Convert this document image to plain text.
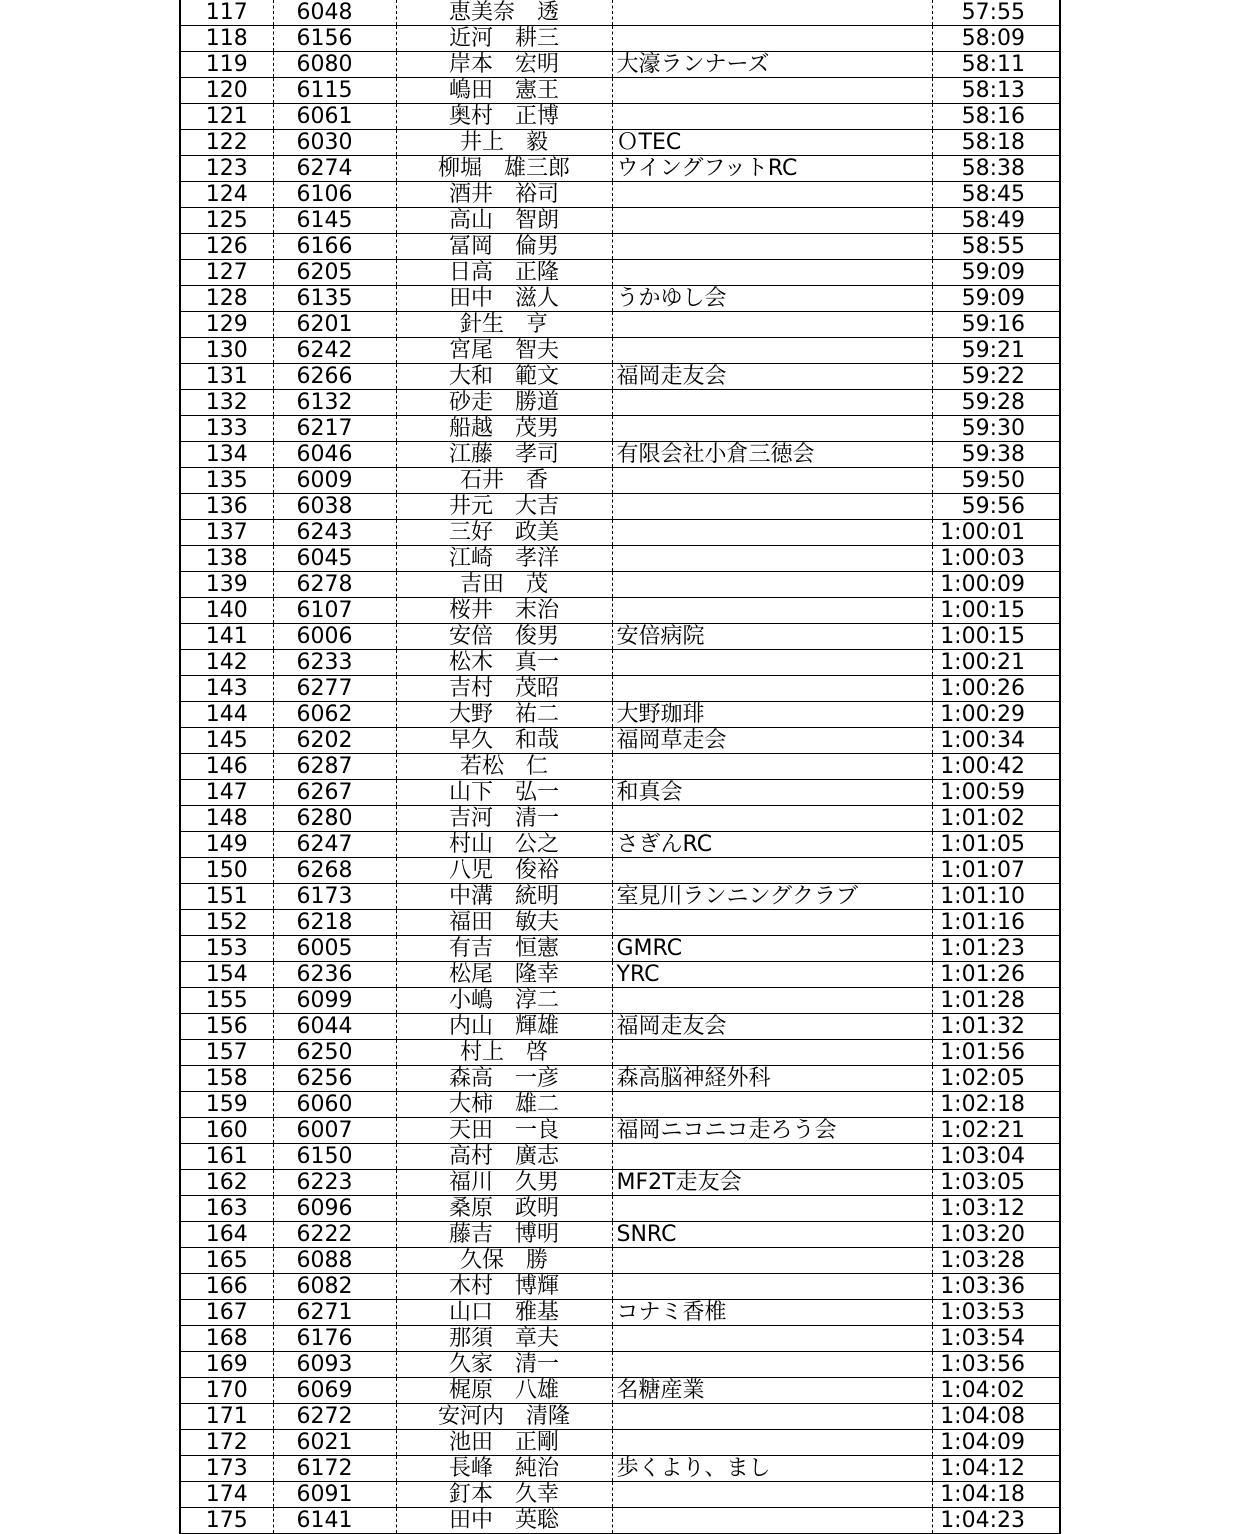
117	6048	恵美奈　透		57:55
118	6156	近河　耕三		58:09
119	6080	岸本　宏明	大濠ランナーズ	58:11
120	6115	嶋田　憲王		58:13
121	6061	奥村　正博		58:16
122	6030	井上　毅	ＯTEC	58:18
123	6274	柳堀　雄三郎	ウイングフットRC	58:38
124	6106	酒井　裕司		58:45
125	6145	高山　智朗		58:49
126	6166	冨岡　倫男		58:55
127	6205	日高　正隆		59:09
128	6135	田中　滋人	うかゆし会	59:09
129	6201	針生　亨		59:16
130	6242	宮尾　智夫		59:21
131	6266	大和　範文	福岡走友会	59:22
132	6132	砂走　勝道		59:28
133	6217	船越　茂男		59:30
134	6046	江藤　孝司	有限会社小倉三徳会	59:38
135	6009	石井　香		59:50
136	6038	井元　大吉		59:56
137	6243	三好　政美		1:00:01
138	6045	江崎　孝洋		1:00:03
139	6278	吉田　茂		1:00:09
140	6107	桜井　末治		1:00:15
141	6006	安倍　俊男	安倍病院	1:00:15
142	6233	松木　真一		1:00:21
143	6277	吉村　茂昭		1:00:26
144	6062	大野　祐二	大野珈琲	1:00:29
145	6202	早久　和哉	福岡草走会	1:00:34
146	6287	若松　仁		1:00:42
147	6267	山下　弘一	和真会	1:00:59
148	6280	吉河　清一		1:01:02
149	6247	村山　公之	さぎんRC	1:01:05
150	6268	八児　俊裕		1:01:07
151	6173	中溝　統明	室見川ランニングクラブ	1:01:10
152	6218	福田　敏夫		1:01:16
153	6005	有吉　恒憲	GMRC	1:01:23
154	6236	松尾　隆幸	YRC	1:01:26
155	6099	小嶋　淳二		1:01:28
156	6044	内山　輝雄	福岡走友会	1:01:32
157	6250	村上　啓		1:01:56
158	6256	森高　一彦	森高脳神経外科	1:02:05
159	6060	大柿　雄二		1:02:18
160	6007	天田　一良	福岡ニコニコ走ろう会	1:02:21
161	6150	高村　廣志		1:03:04
162	6223	福川　久男	MF2T走友会	1:03:05
163	6096	桑原　政明		1:03:12
164	6222	藤吉　博明	SNRC	1:03:20
165	6088	久保　勝		1:03:28
166	6082	木村　博輝		1:03:36
167	6271	山口　雅基	コナミ香椎	1:03:53
168	6176	那須　章夫		1:03:54
169	6093	久家　清一		1:03:56
170	6069	梶原　八雄	名糖産業	1:04:02
171	6272	安河内　清隆		1:04:08
172	6021	池田　正剛		1:04:09
173	6172	長峰　純治	歩くより、まし	1:04:12
174	6091	釘本　久幸		1:04:18
175	6141	田中　英聡		1:04:23
